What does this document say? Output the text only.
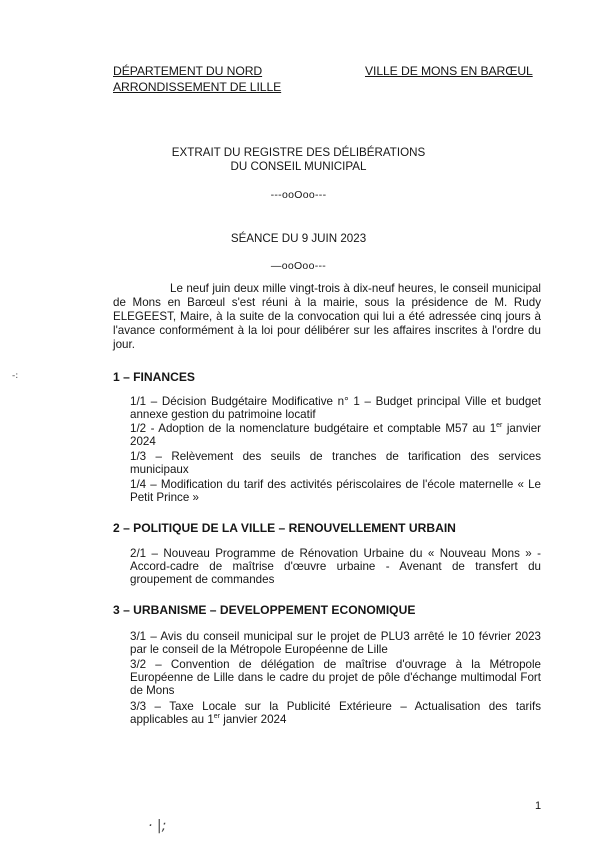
DÉPARTEMENT DU NORD
ARRONDISSEMENT DE LILLE
VILLE DE MONS EN BARŒUL
EXTRAIT DU REGISTRE DES DÉLIBÉRATIONS
DU CONSEIL MUNICIPAL
---ooOoo---
SÉANCE DU 9 JUIN 2023
—ooOoo---

Le neuf juin deux mille vingt-trois à dix-neuf heures, le conseil municipal de Mons en Barœul s'est réuni à la mairie, sous la présidence de M. Rudy ELEGEEST, Maire, à la suite de la convocation qui lui a été adressée cinq jours à l'avance conformément à la loi pour délibérer sur les affaires inscrites à l'ordre du jour.

1 – FINANCES
1/1 – Décision Budgétaire Modificative n° 1 – Budget principal Ville et budget annexe gestion du patrimoine locatif
1/2 - Adoption de la nomenclature budgétaire et comptable M57 au 1er janvier 2024
1/3 – Relèvement des seuils de tranches de tarification des services municipaux
1/4 – Modification du tarif des activités périscolaires de l'école maternelle « Le Petit Prince »
2 – POLITIQUE DE LA VILLE – RENOUVELLEMENT URBAIN
2/1 – Nouveau Programme de Rénovation Urbaine du « Nouveau Mons » - Accord-cadre de maîtrise d'œuvre urbaine - Avenant de transfert du groupement de commandes
3 – URBANISME – DEVELOPPEMENT ECONOMIQUE
3/1 – Avis du conseil municipal sur le projet de PLU3 arrêté le 10 février 2023 par le conseil de la Métropole Européenne de Lille
3/2 – Convention de délégation de maîtrise d'ouvrage à la Métropole Européenne de Lille dans le cadre du projet de pôle d'échange multimodal Fort de Mons
3/3 – Taxe Locale sur la Publicité Extérieure – Actualisation des tarifs applicables au 1er janvier 2024
1
-:
· |;
